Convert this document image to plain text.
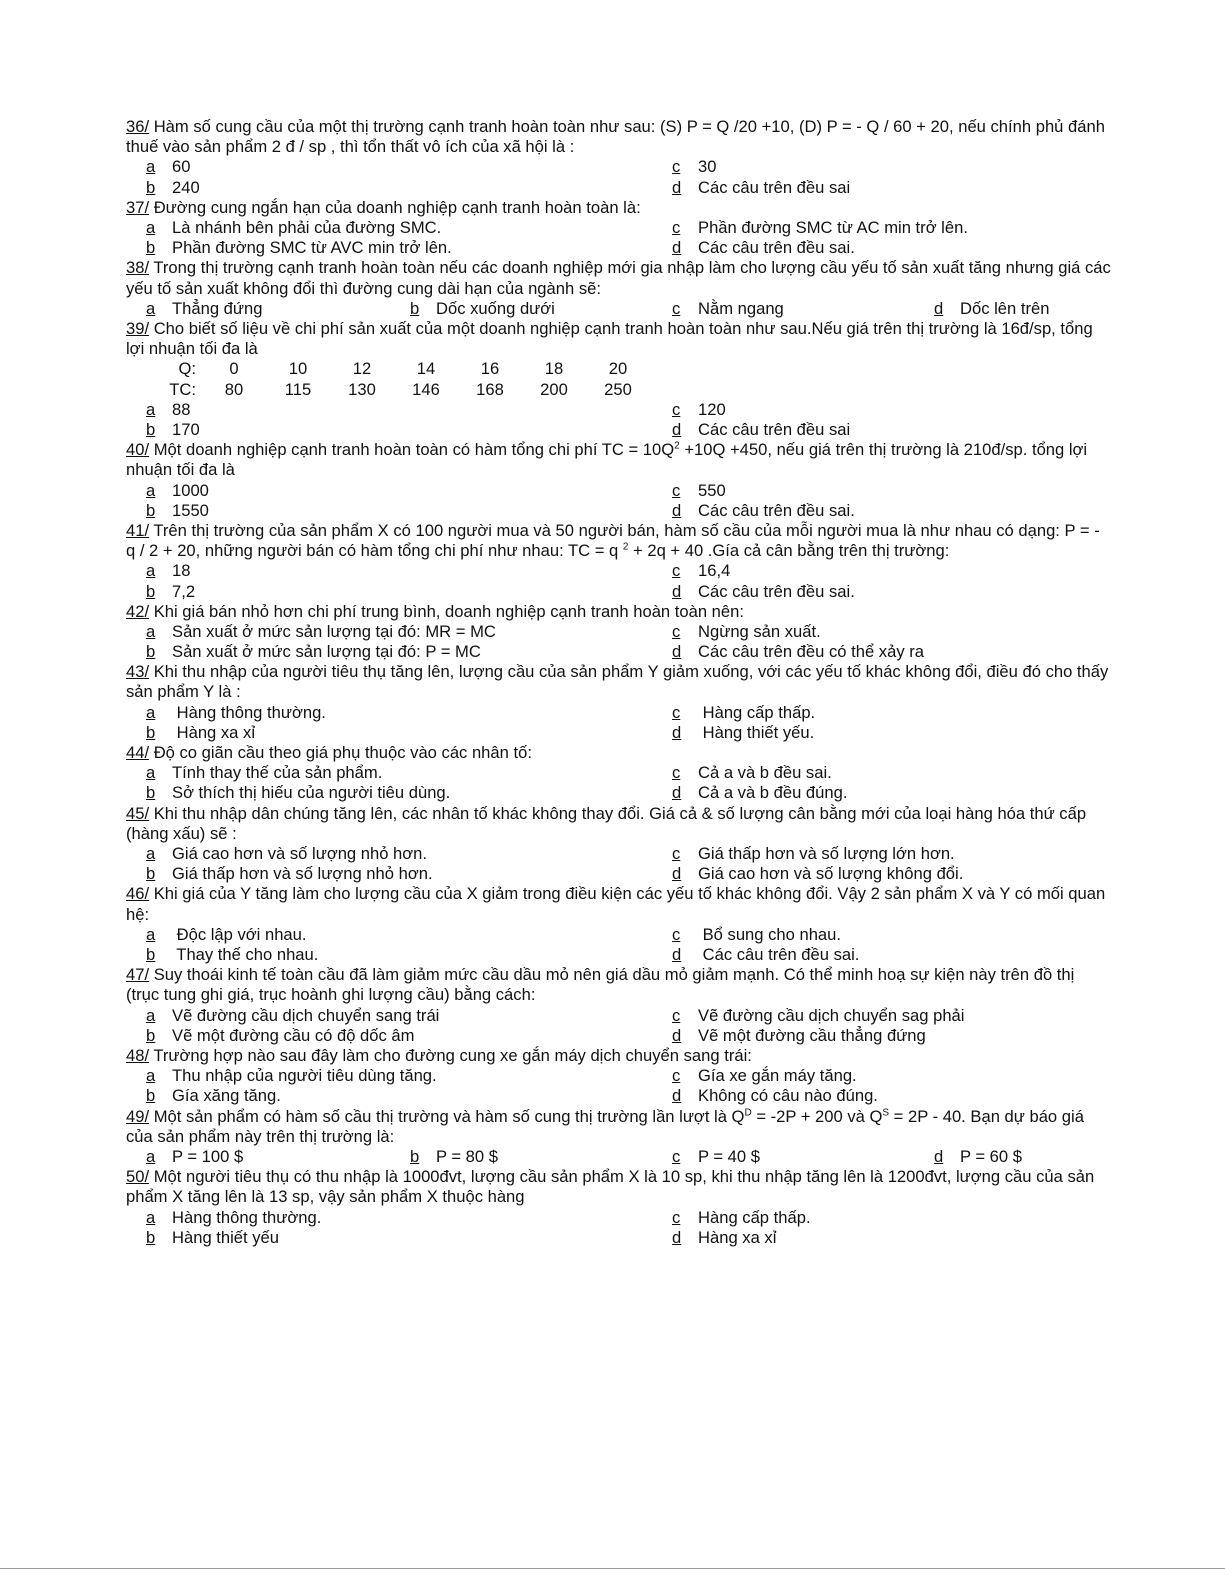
36/ Hàm số cung cầu của một thị trường cạnh tranh hoàn toàn như sau: (S) P = Q /20 +10, (D) P = - Q / 60 + 20, nếu chính phủ đánh thuế vào sản phẩm 2 đ / sp , thì tổn thất vô ích của xã hội là :

a 60	c 30
b 240	d Các câu trên đều sai

37/ Đường cung ngắn hạn của doanh nghiệp cạnh tranh hoàn toàn là:

a Là nhánh bên phải của đường SMC.	c Phần đường SMC từ AC min trở lên.
b Phần đường SMC từ AVC min trở lên.	d Các câu trên đều sai.

38/ Trong thị trường cạnh tranh hoàn toàn nếu các doanh nghiệp mới gia nhập làm cho lượng cầu yếu tố sản xuất tăng nhưng giá các yếu tố sản xuất không đổi thì đường cung dài hạn của ngành sẽ:

a Thẳng đứng	b Dốc xuống dưới	c Nằm ngang	d Dốc lên trên

39/ Cho biết số liệu về chi phí sản xuất của một doanh nghiệp cạnh tranh hoàn toàn như sau.Nếu giá trên thị trường là 16đ/sp, tổng lợi nhuận tối đa là

Q:	0	10	12	14	16	18	20
TC:	80	115	130	146	168	200	250
a 88	c 120
b 170	d Các câu trên đều sai

40/ Một doanh nghiệp cạnh tranh hoàn toàn có hàm tổng chi phí TC = $10Q^2 +10Q +450$, nếu giá trên thị trường là 210đ/sp. tổng lợi nhuận tối đa là

a 1000	c 550
b 1550	d Các câu trên đều sai.

41/ Trên thị trường của sản phẩm X có 100 người mua và 50 người bán, hàm số cầu của mỗi người mua là như nhau có dạng: P = - q / 2 + 20, những người bán có hàm tổng chi phí như nhau: TC = q $^2$ + 2q + 40 .Gía cả cân bằng trên thị trường:

a 18	c 16,4
b 7,2	d Các câu trên đều sai.

42/ Khi giá bán nhỏ hơn chi phí trung bình, doanh nghiệp cạnh tranh hoàn toàn nên:

a Sản xuất ở mức sản lượng tại đó: MR = MC	c Ngừng sản xuất.
b Sản xuất ở mức sản lượng tại đó: P = MC	d Các câu trên đều có thể xảy ra

43/ Khi thu nhập của người tiêu thụ tăng lên, lượng cầu của sản phẩm Y giảm xuống, với các yếu tố khác không đổi, điều đó cho thấy sản phẩm Y là :

a Hàng thông thường.	c Hàng cấp thấp.
b Hàng xa xỉ	d Hàng thiết yếu.

44/ Độ co giãn cầu theo giá phụ thuộc vào các nhân tố:

a Tính thay thế của sản phẩm.	c Cả a và b đều sai.
b Sở thích thị hiếu của người tiêu dùng.	d Cả a và b đều đúng.

45/ Khi thu nhập dân chúng tăng lên, các nhân tố khác không thay đổi. Giá cả & số lượng cân bằng mới của loại hàng hóa thứ cấp (hàng xấu) sẽ :

a Giá cao hơn và số lượng nhỏ hơn.	c Giá thấp hơn và số lượng lớn hơn.
b Giá thấp hơn và số lượng nhỏ hơn.	d Giá cao hơn và số lượng không đổi.

46/ Khi giá của Y tăng làm cho lượng cầu của X giảm trong điều kiện các yếu tố khác không đổi. Vậy 2 sản phẩm X và Y có mối quan hệ:

a Độc lập với nhau.	c Bổ sung cho nhau.
b Thay thế cho nhau.	d Các câu trên đều sai.

47/ Suy thoái kinh tế toàn cầu đã làm giảm mức cầu dầu mỏ nên giá dầu mỏ giảm mạnh. Có thể minh hoạ sự kiện này trên đồ thị (trục tung ghi giá, trục hoành ghi lượng cầu) bằng cách:

a Vẽ đường cầu dịch chuyển sang trái	c Vẽ đường cầu dịch chuyển sag phải
b Vẽ một đường cầu có độ dốc âm	d Vẽ một đường cầu thẳng đứng

48/ Trường hợp nào sau đây làm cho đường cung xe gắn máy dịch chuyển sang trái:

a Thu nhập của người tiêu dùng tăng.	c Gía xe gắn máy tăng.
b Gía xăng tăng.	d Không có câu nào đúng.

49/ Một sản phẩm có hàm số cầu thị trường và hàm số cung thị trường lần lượt là $Q^D = -2P + 200$ và $Q^S = 2P - 40$. Bạn dự báo giá của sản phẩm này trên thị trường là:

a P = 100 $	b P = 80 $	c P = 40 $	d P = 60 $

50/ Một người tiêu thụ có thu nhập là 1000đvt, lượng cầu sản phẩm X là 10 sp, khi thu nhập tăng lên là 1200đvt, lượng cầu của sản phẩm X tăng lên là 13 sp, vậy sản phẩm X thuộc hàng

a Hàng thông thường.	c Hàng cấp thấp.
b Hàng thiết yếu	d Hàng xa xỉ
